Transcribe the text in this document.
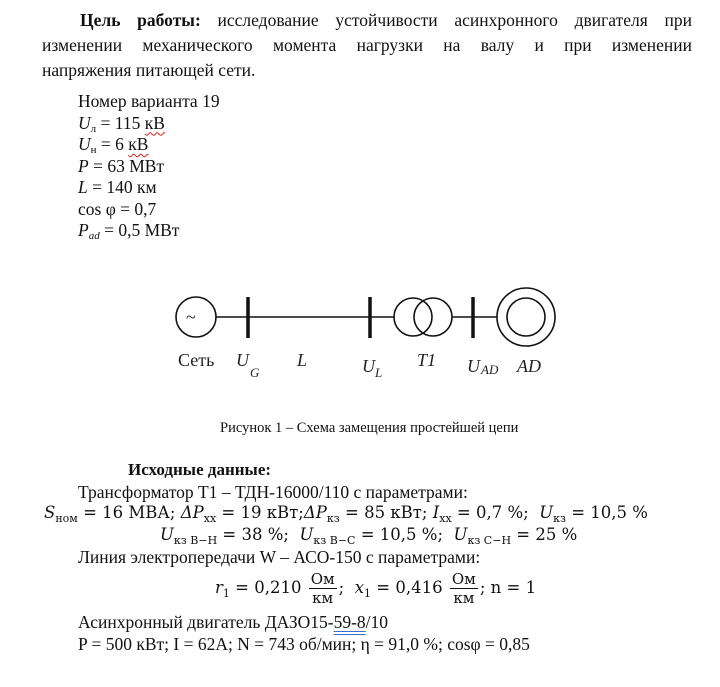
Цель работы: исследование устойчивости асинхронного двигателя при
изменении механического момента нагрузки на валу и при изменении
напряжения питающей сети.
Номер варианта 19
$U_л = 115$ кВ
$U_н = 6$ кВ
P = 63 МВт
L = 140 км
cos φ = 0,7
$P_{ad} = 0,5$ МВт
~
Сеть U
G
L	U L
T1 U AD AD
Рисунок 1 – Схема замещения простейшей цепи
Исходные данные:
Трансформатор Т1 – ТДН-16000/110 с параметрами:
$S_{ном} = 16$ МВА; $\Delta P_{хх} = 19$ $кВт;\Delta P_{кз} = 85$ кВт; $I_{хх} = 0,7$ %; $U_{кз} = 10,5$ %
$U_{кз В-Н} = 38$ %; $U_{кз В-С} = 10,5$ %; $U_{кз С-Н} = 25$ %
Линия электропередачи W – АСО-150 с параметрами:
$r_1 = 0,210 \frac{Ом}{км}$ ;  $x_1 = 0,416 \frac{Ом}{км}$ ; n = 1
Асинхронный двигатель ДАЗО15-59-8/10
P = 500 кВт; I = 62A; N = 743 об/мин; η = 91,0 %; cosφ = 0,85
